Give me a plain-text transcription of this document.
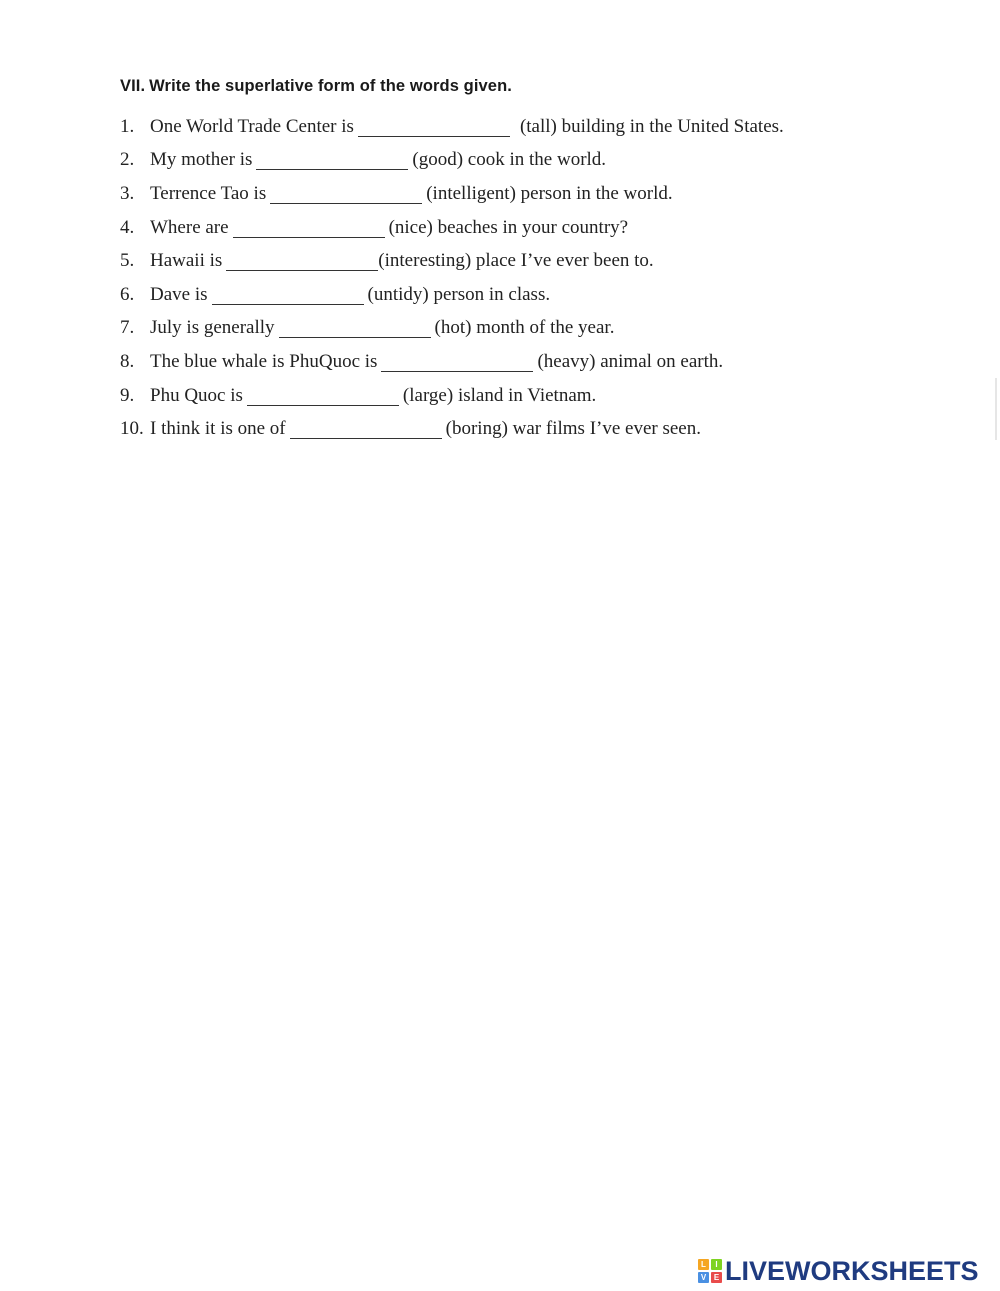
VII. Write the superlative form of the words given.
1. One World Trade Center is	(tall) building in the United States.
2. My mother is	(good) cook in the world.
3. Terrence Tao is	(intelligent) person in the world.
4. Where are	(nice) beaches in your country?
5. Hawaii is	(interesting) place I’ve ever been to.
6. Dave is	(untidy) person in class.
7. July is generally	(hot) month of the year.
8. The blue whale is PhuQuoc is	(heavy) animal on earth.
9. Phu Quoc is	(large) island in Vietnam.
10. I think it is one of	(boring) war films I’ve ever seen.
L	I
V E LIVEWORKSHEETS
